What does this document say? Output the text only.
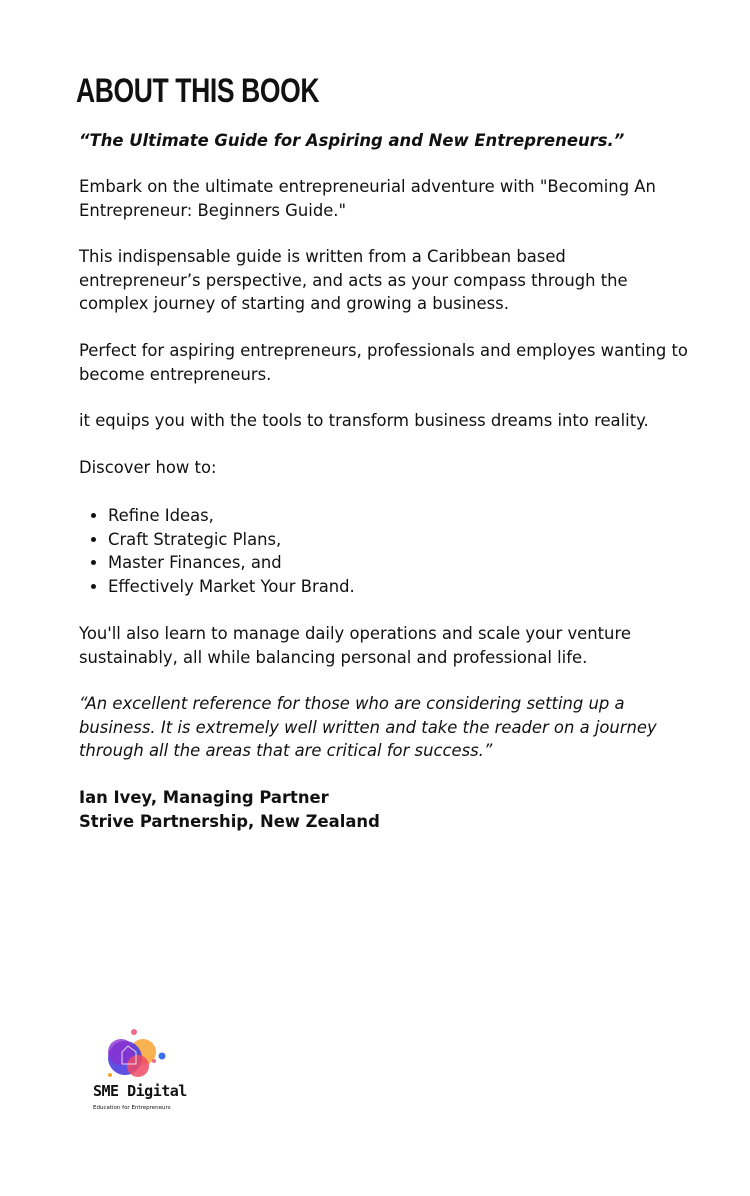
ABOUT THIS BOOK

“The Ultimate Guide for Aspiring and New Entrepreneurs.”

Embark on the ultimate entrepreneurial adventure with "Becoming An Entrepreneur: Beginners Guide."

This indispensable guide is written from a Caribbean based entrepreneur’s perspective, and acts as your compass through the complex journey of starting and growing a business.

Perfect for aspiring entrepreneurs, professionals and employes wanting to become entrepreneurs.

it equips you with the tools to transform business dreams into reality.

Discover how to:

• Refine Ideas,
• Craft Strategic Plans,
• Master Finances, and
• Effectively Market Your Brand.

You'll also learn to manage daily operations and scale your venture sustainably, all while balancing personal and professional life.

“An excellent reference for those who are considering setting up a business. It is extremely well written and take the reader on a journey through all the areas that are critical for success.”

Ian Ivey, Managing Partner

Strive Partnership, New Zealand

SME Digital
Education for Entrepreneurs
